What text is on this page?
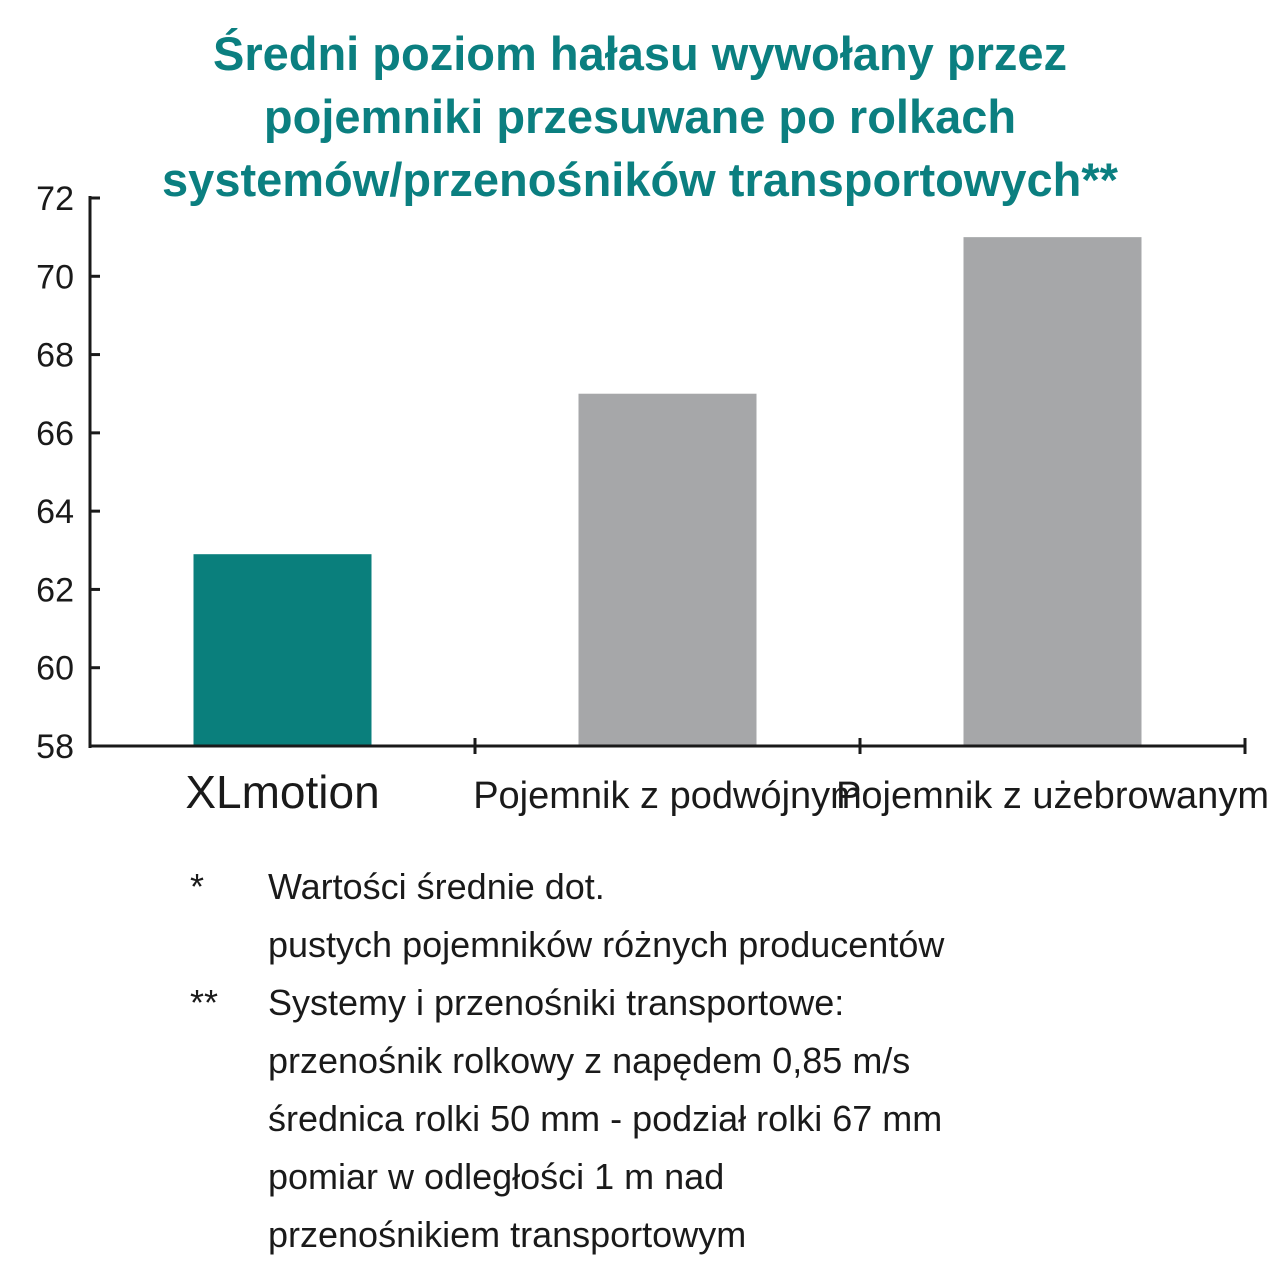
Średni poziom hałasu wywołany przez
pojemniki przesuwane po rolkach
systemów/przenośników transportowych**
58
60
62
64
66
68
70
72
XLmotion Pojemnik z podwójnym
Pojemnik z użebrowanym
*	Wartości średnie dot.
pustych pojemników różnych producentów
**	Systemy i przenośniki transportowe:
przenośnik rolkowy z napędem 0,85 m/s
średnica rolki 50 mm - podział rolki 67 mm
pomiar w odległości 1 m nad
przenośnikiem transportowym
